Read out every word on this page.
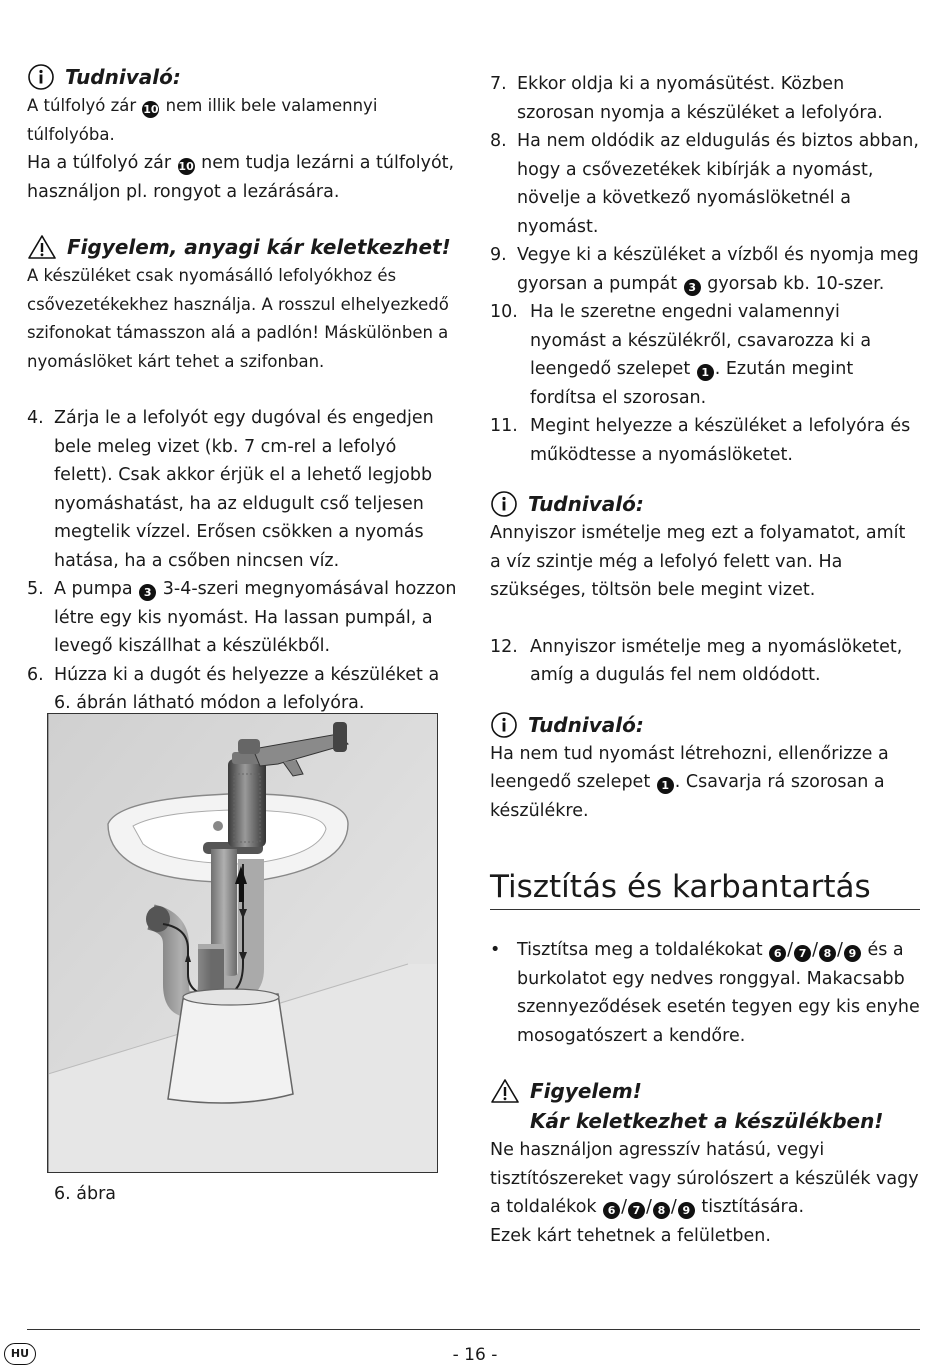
Tudnivaló:

A túlfolyó zár 10 nem illik bele valamennyi túlfolyóba.

Ha a túlfolyó zár 10 nem tudja lezárni a túlfolyót, használjon pl. rongyot a lezárására.

Figyelem, anyagi kár keletkezhet!

A készüléket csak nyomásálló lefolyókhoz és csővezetékekhez használja. A rosszul elhelyezkedő szifonokat támasszon alá a padlón! Máskülönben a nyomáslöket kárt tehet a szifonban.

4. Zárja le a lefolyót egy dugóval és engedjen bele meleg vizet (kb. 7 cm-rel a lefolyó felett). Csak akkor érjük el a lehető legjobb nyomáshatást, ha az eldugult cső teljesen megtelik vízzel. Erősen csökken a nyomás hatása, ha a csőben nincsen víz.
5. A pumpa 3 3-4-szeri megnyomásával hozzon létre egy kis nyomást. Ha lassan pumpál, a levegő kiszállhat a készülékből.
6. Húzza ki a dugót és helyezze a készüléket a 6. ábrán látható módon a lefolyóra.
6. ábra
7. Ekkor oldja ki a nyomásütést. Közben szorosan nyomja a készüléket a lefolyóra.
8. Ha nem oldódik az eldugulás és biztos abban, hogy a csővezetékek kibírják a nyomást, növelje a következő nyomáslöketnél a nyomást.
9. Vegye ki a készüléket a vízből és nyomja meg gyorsan a pumpát 3 gyorsab kb. 10-szer.
10. Ha le szeretne engedni valamennyi nyomást a készülékről, csavarozza ki a leengedő szelepet 1 . Ezután megint fordítsa el szorosan.
11. Megint helyezze a készüléket a lefolyóra és működtesse a nyomáslöketet.
Tudnivaló:

Annyiszor ismételje meg ezt a folyamatot, amít a víz szintje még a lefolyó felett van. Ha szükséges, töltsön bele megint vizet.

12. Annyiszor ismételje meg a nyomáslöketet, amíg a dugulás fel nem oldódott.
Tudnivaló:

Ha nem tud nyomást létrehozni, ellenőrizze a leengedő szelepet 1 . Csavarja rá szorosan a készülékre.

Tisztítás és karbantartás
• Tisztítsa meg a toldalékokat 6 / 7 / 8 / 9 és a burkolatot egy nedves ronggyal. Makacsabb szennyeződések esetén tegyen egy kis enyhe mosogatószert a kendőre.
Figyelem!
Kár keletkezhet a készülékben!

Ne használjon agresszív hatású, vegyi tisztítószereket vagy súrolószert a készülék vagy a toldalékok 6 / 7 / 8 / 9 tisztítására.

Ezek kárt tehetnek a felületben.

HU	- 16 -
